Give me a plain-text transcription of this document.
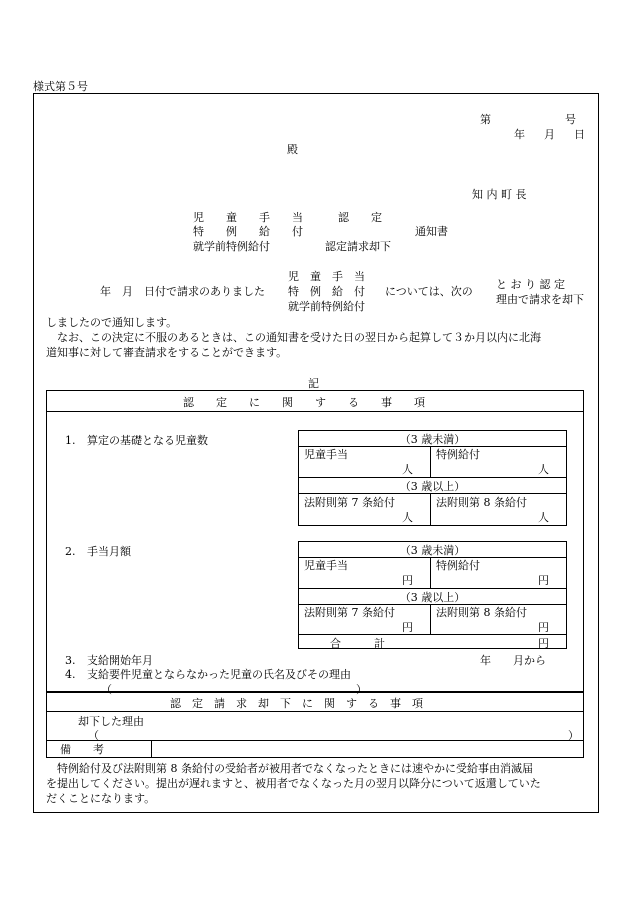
様式第５号
第	号
年　月　日
殿
知 内 町 長
児　　童　　手　　当
特　　例　　給　　付
就学前特例給付
認　　定
認定請求却下
通知書
児　童　手　当
年　月　日付で請求のありました 特　例　給　付 については、次の
就学前特例給付
と お り 認 定
理由で請求を却下
しましたので通知します。
　なお、この決定に不服のあるときは、この通知書を受けた日の翌日から起算して３か月以内に北海
道知事に対して審査請求をすることができます。
記
認　　定　　に　　関　　す　　る　　事　　項
1. 算定の基礎となる児童数	（3 歳未満）
児童手当	特例給付
人	人
（3 歳以上）
法附則第 7 条給付	法附則第 8 条給付
人	人
2. 手当月額	（3 歳未満）
児童手当	特例給付
円	円
（3 歳以上）
法附則第 7 条給付	法附則第 8 条給付
円	円
合　　　計	円
3. 支給開始年月	年　　月から
4. 支給要件児童とならなかった児童の氏名及びその理由
（	）
認　定　請　求　却　下　に　関　す　る　事　項
却下した理由
（	）
備　　考
　特例給付及び法附則第 8 条給付の受給者が被用者でなくなったときには速やかに受給事由消滅届
を提出してください。提出が遅れますと、被用者でなくなった月の翌月以降分について返還していた
だくことになります。
